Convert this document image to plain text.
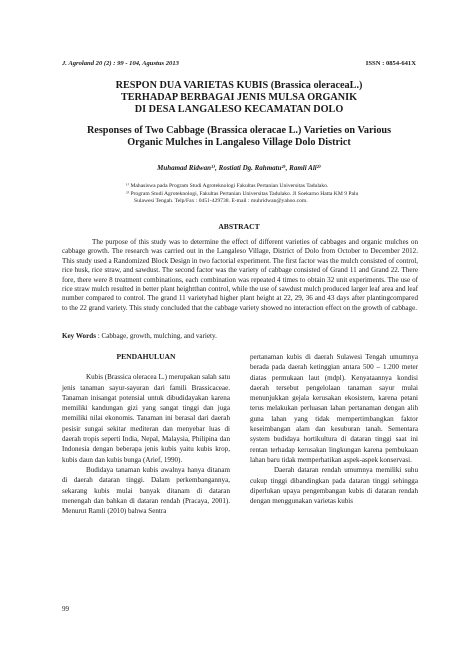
J. Agroland 20 (2) : 99 - 104, Agustus 2013	ISSN : 0854-641X
RESPON DUA VARIETAS KUBIS (Brassica oleraceaL.)
TERHADAP BERBAGAI JENIS MULSA ORGANIK
DI DESA LANGALESO KECAMATAN DOLO
Responses of Two Cabbage (Brassica oleracae L.) Varieties on Various
Organic Mulches in Langaleso Village Dolo District
Muhamad Ridwan¹⁾, Rostiati Dg. Rahmatu²⁾, Ramli Ali²⁾
¹⁾ Mahasiswa pada Program Studi Agroteknologi Fakultas Pertanian Universitas Tadulako.
²⁾ Program Studi Agroteknologi, Fakultas Pertanian Universitas Tadulako. Jl Soekarno Hatta KM 9 Palu
Sulawesi Tengah. Telp/Fax : 0451-429738. E-mail : muhridwan@yahoo.com.
ABSTRACT

The purpose of this study was to determine the effect of different varieties of cabbages and organic mulches on cabbage growth. The research was carried out in the Langaleso Village, District of Dolo from October to December 2012. This study used a Randomized Block Design in two factorial experiment. The first factor was the mulch consisted of control, rice husk, rice straw, and sawdust. The second factor was the variety of cabbage consisted of Grand 11 and Grand 22. There fore, there were 8 treatment combinations, each combination was repeated 4 times to obtain 32 unit experiments. The use of rice straw mulch resulted in better plant heightthan control, while the use of sawdust mulch produced larger leaf area and leaf number compared to control. The grand 11 varietyhad higher plant height at 22, 29, 36 and 43 days after plantingcompared to the 22 grand variety. This study concluded that the cabbage variety showed no interaction effect on the growth of cabbage.

Key Words : Cabbage, growth, mulching, and variety.

PENDAHULUAN

Kubis (Brassica oleracea L.) merupakan salah satu jenis tanaman sayur-sayuran dari famili Brassicaceae. Tanaman inisangat potensial untuk dibudidayakan karena memiliki kandungan gizi yang sangat tinggi dan juga memiliki nilai ekonomis. Tanaman ini berasal dari daerah pesisir sungai sekitar mediteran dan menyebar luas di daerah tropis seperti India, Nepal, Malaysia, Philipina dan Indonesia dengan beberapa jenis kubis yaitu kubis krop, kubis daun dan kubis bunga (Arief, 1990).

Budidaya tanaman kubis awalnya hanya ditanam di daerah dataran tinggi. Dalam perkembangannya, sekarang kubis mulai banyak ditanam di dataran menengah dan bahkan di dataran rendah (Pracaya, 2001). Menurut Ramli (2010) bahwa Sentra

pertanaman kubis di daerah Sulawesi Tengah umumnya berada pada daerah ketinggian antara 500 – 1.200 meter diatas permukaan laut (mdpl). Kenyataannya kondisi daerah tersebut pengelolaan tanaman sayur mulai menunjukkan gejala kerusakan ekosistem, karena petani terus melakukan perluasan lahan pertanaman dengan alih guna lahan yang tidak mempertimbangkan faktor keseimbangan alam dan kesuburan tanah. Sementara system budidaya hortikultura di dataran tinggi saat ini rentan terhadap kerusakan lingkungan karena pembukaan lahan baru tidak memperhatikan aspek-aspek konservasi.

Daerah dataran rendah umumnya memiliki suhu cukup tinggi dibandingkan pada dataran tinggi sehingga diperlukan upaya pengembangan kubis di dataran rendah dengan menggunakan varietas kubis

99
